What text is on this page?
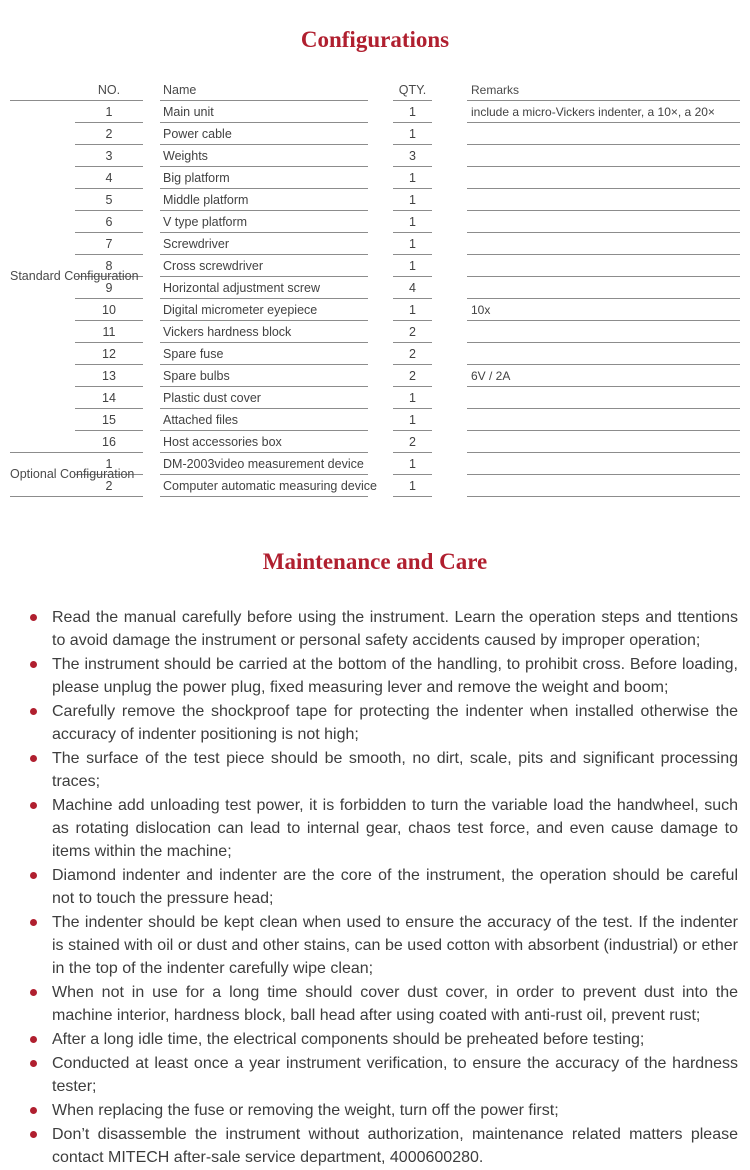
Configurations
	NO.		Name		QTY.		Remarks
Standard Configuration	1		Main unit		1		include a micro-Vickers indenter, a 10×, a 20×
	2		Power cable		1		
	3		Weights		3		
	4		Big platform		1		
	5		Middle platform		1		
	6		V type platform		1		
	7		Screwdriver		1		
	8		Cross screwdriver		1		
	9		Horizontal adjustment screw		4		
	10		Digital micrometer eyepiece		1		10x
	11		Vickers hardness block		2		
	12		Spare fuse		2		
	13		Spare bulbs		2		6V / 2A
	14		Plastic dust cover		1		
	15		Attached files		1		
	16		Host accessories box		2		
Optional Configuration	1		DM-2003video measurement device		1		
	2		Computer automatic measuring device		1		
Maintenance and Care
Read the manual carefully before using the instrument. Learn the operation steps and ttentions to avoid damage the instrument or personal safety accidents caused by improper operation;
The instrument should be carried at the bottom of the handling, to prohibit cross. Before loading, please unplug the power plug, fixed measuring lever and remove the weight and boom;
Carefully remove the shockproof tape for protecting the indenter when installed otherwise the accuracy of indenter positioning is not high;
The surface of the test piece should be smooth, no dirt, scale, pits and significant processing traces;
Machine add unloading test power, it is forbidden to turn the variable load the handwheel, such as rotating dislocation can lead to internal gear, chaos test force, and even cause damage to items within the machine;
Diamond indenter and indenter are the core of the instrument, the operation should be careful not to touch the pressure head;
The indenter should be kept clean when used to ensure the accuracy of the test. If the indenter is stained with oil or dust and other stains, can be used cotton with absorbent (industrial) or ether in the top of the indenter carefully wipe clean;
When not in use for a long time should cover dust cover, in order to prevent dust into the machine interior, hardness block, ball head after using coated with anti-rust oil, prevent rust;
After a long idle time, the electrical components should be preheated before testing;
Conducted at least once a year instrument verification, to ensure the accuracy of the hardness tester;
When replacing the fuse or removing the weight, turn off the power first;
Don’t disassemble the instrument without authorization, maintenance related matters please contact MITECH after-sale service department, 4000600280.
